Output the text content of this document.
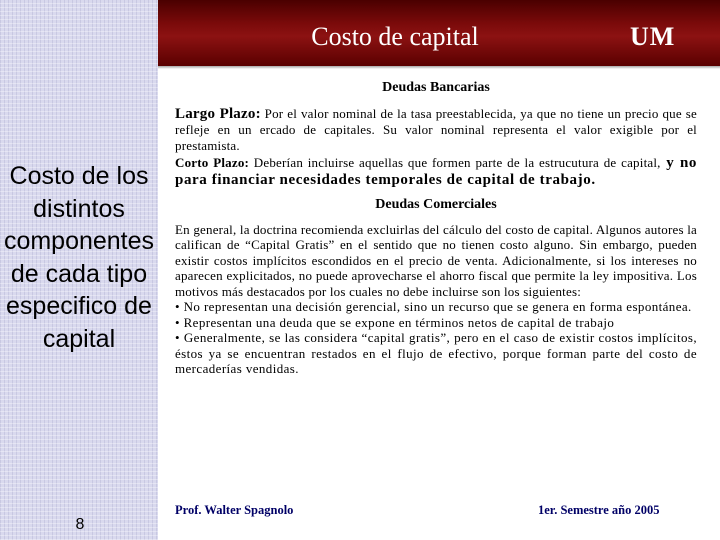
Costo de los
distintos
componentes
de cada tipo
especifico de
capital
8
Costo de capital	UM

Deudas Bancarias

Largo Plazo: Por el valor nominal de la tasa preestablecida, ya que no tiene un precio que se refleje en un ercado de capitales. Su valor nominal representa el valor exigible por el prestamista.

Corto Plazo: Deberían incluirse aquellas que formen parte de la estrucutura de capital, y no para financiar necesidades temporales de capital de trabajo.

Deudas Comerciales

En general, la doctrina recomienda excluirlas del cálculo del costo de capital. Algunos autores la califican de “Capital Gratis” en el sentido que no tienen costo alguno. Sin embargo, pueden existir costos implícitos escondidos en el precio de venta. Adicionalmente, si los intereses no aparecen explicitados, no puede aprovecharse el ahorro fiscal que permite la ley impositiva. Los motivos más destacados por los cuales no debe incluirse son los siguientes:

• No representan una decisión gerencial, sino un recurso que se genera en forma espontánea.

• Representan una deuda que se expone en términos netos de capital de trabajo

• Generalmente, se las considera “capital gratis”, pero en el caso de existir costos implícitos, éstos ya se encuentran restados en el flujo de efectivo, porque forman parte del costo de mercaderías vendidas.

Prof. Walter Spagnolo	1er. Semestre año 2005
